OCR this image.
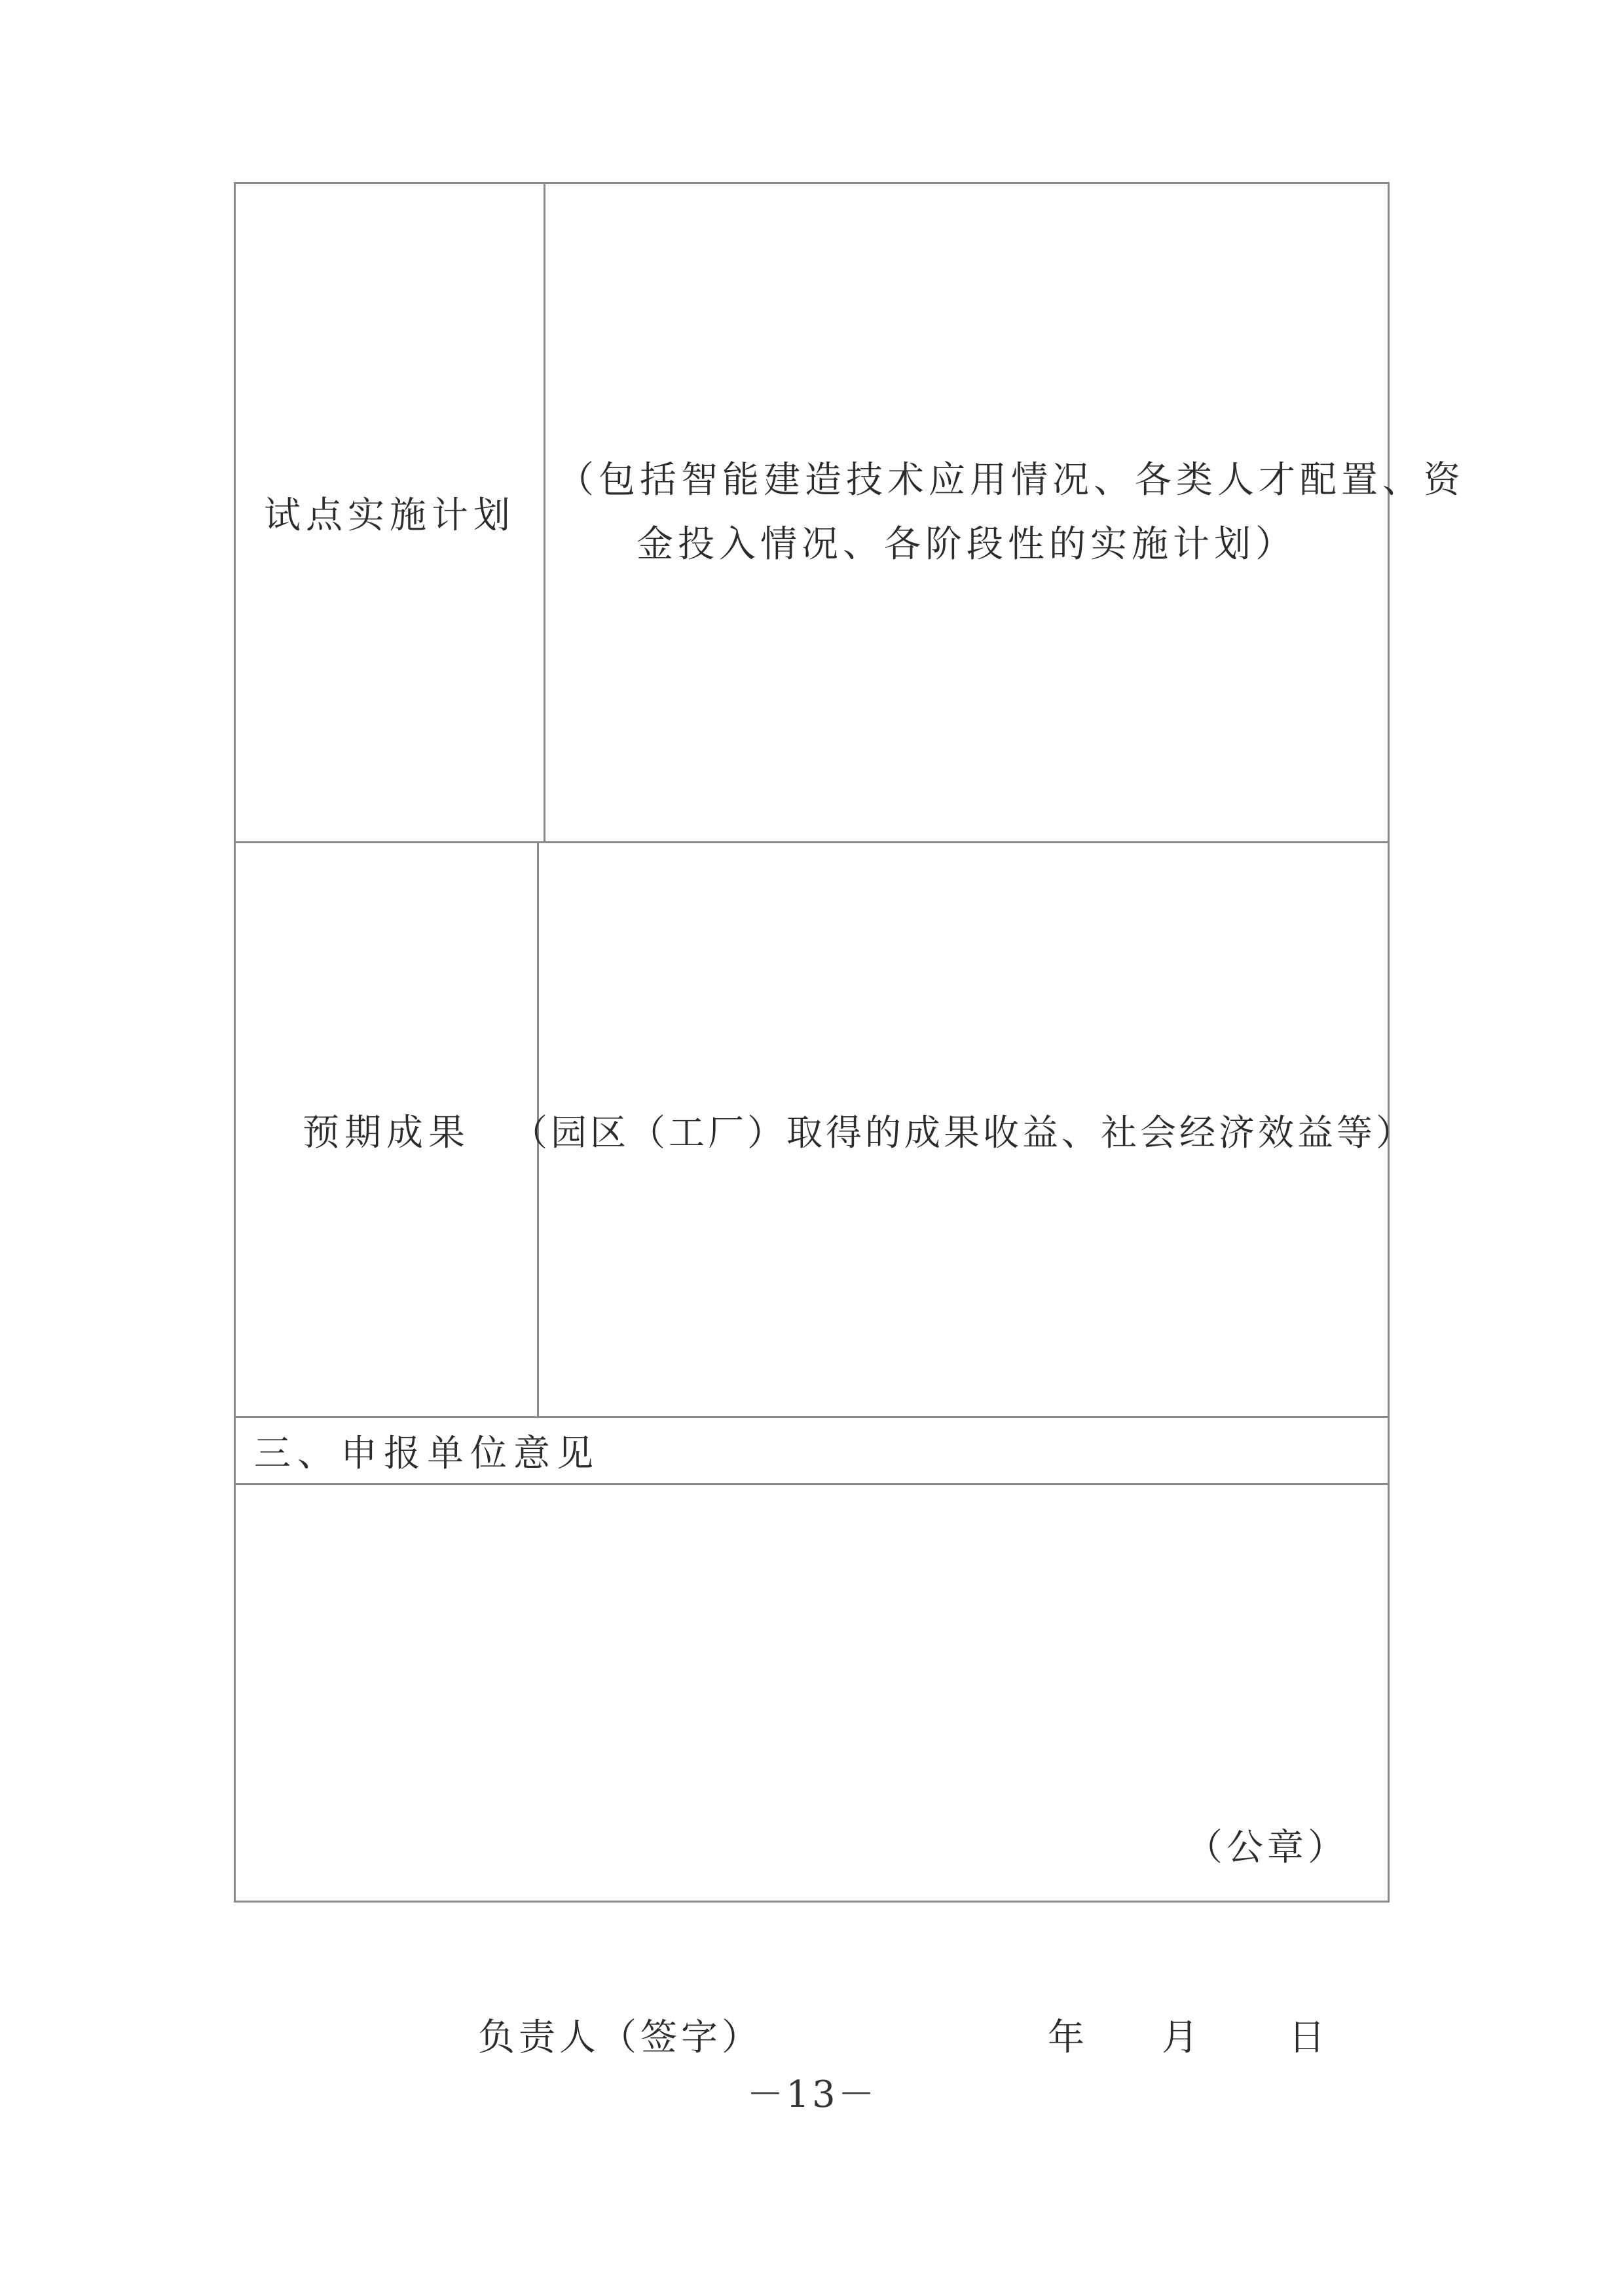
试点实施计划
（包括智能建造技术应用情况、各类人才配置、资
金投入情况、各阶段性的实施计划）
预期成果 （园区（工厂）取得的成果收益、社会经济效益等）
三、申报单位意见
（公章）
负责人（签字）	年 月 日
－13－
